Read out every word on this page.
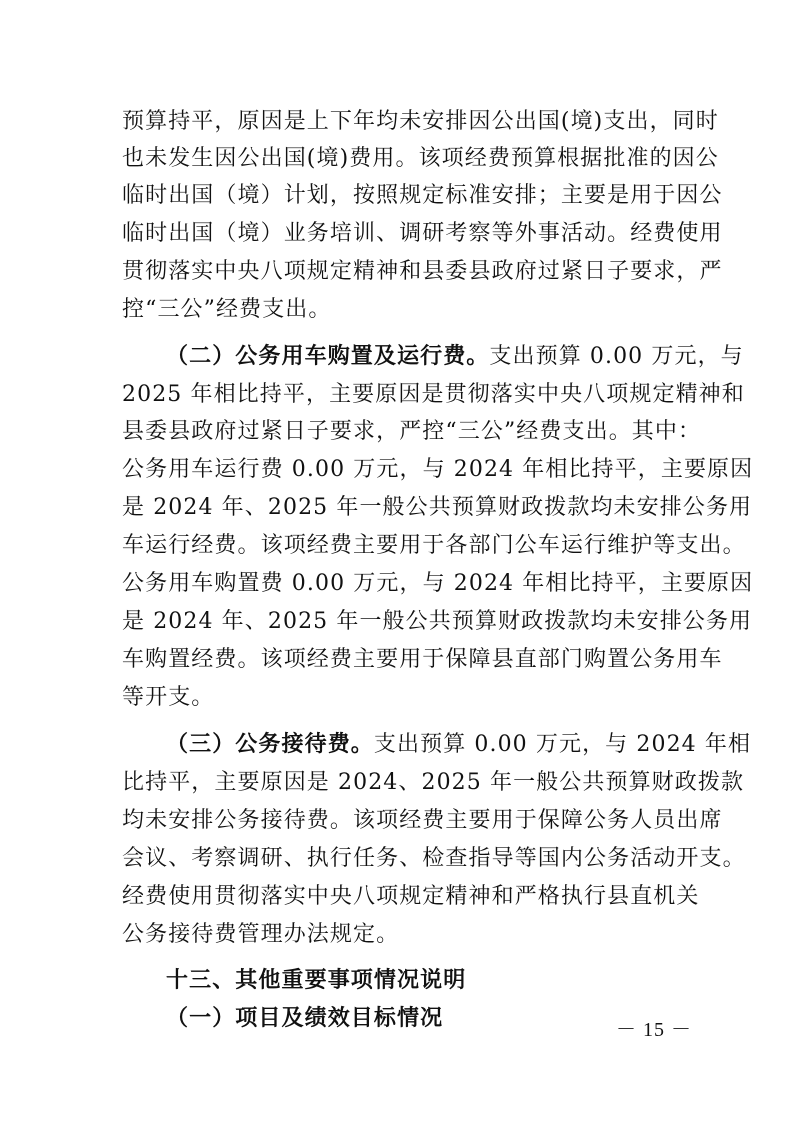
预算持平，原因是上下年均未安排因公出国(境)支出，同时
也未发生因公出国(境)费用。该项经费预算根据批准的因公
临时出国（境）计划，按照规定标准安排；主要是用于因公
临时出国（境）业务培训、调研考察等外事活动。经费使用
贯彻落实中央八项规定精神和县委县政府过紧日子要求，严
控“三公”经费支出。
（二）公务用车购置及运行费。支出预算 0.00 万元，与
2025 年相比持平，主要原因是贯彻落实中央八项规定精神和
县委县政府过紧日子要求，严控“三公”经费支出。其中：
公务用车运行费 0.00 万元，与 2024 年相比持平，主要原因
是 2024 年、2025 年一般公共预算财政拨款均未安排公务用
车运行经费。该项经费主要用于各部门公车运行维护等支出。
公务用车购置费 0.00 万元，与 2024 年相比持平，主要原因
是 2024 年、2025 年一般公共预算财政拨款均未安排公务用
车购置经费。该项经费主要用于保障县直部门购置公务用车
等开支。
（三）公务接待费。支出预算 0.00 万元，与 2024 年相
比持平，主要原因是 2024、2025 年一般公共预算财政拨款
均未安排公务接待费。该项经费主要用于保障公务人员出席
会议、考察调研、执行任务、检查指导等国内公务活动开支。
经费使用贯彻落实中央八项规定精神和严格执行县直机关
公务接待费管理办法规定。
十三、其他重要事项情况说明
（一）项目及绩效目标情况	－ 15 －
